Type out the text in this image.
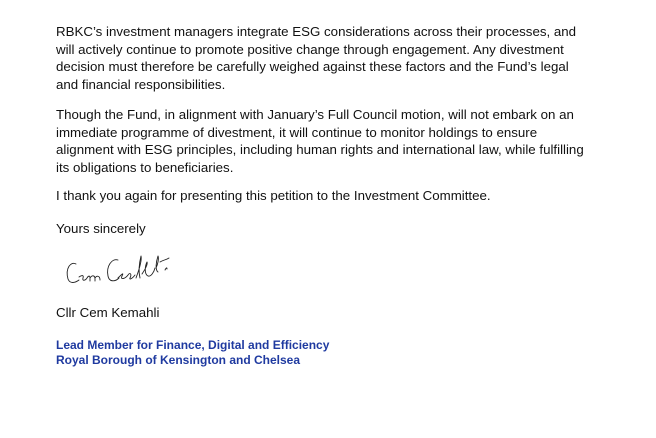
RBKC’s investment managers integrate ESG considerations across their processes, and
will actively continue to promote positive change through engagement. Any divestment
decision must therefore be carefully weighed against these factors and the Fund’s legal
and financial responsibilities.

Though the Fund, in alignment with January’s Full Council motion, will not embark on an
immediate programme of divestment, it will continue to monitor holdings to ensure
alignment with ESG principles, including human rights and international law, while fulfilling
its obligations to beneficiaries.

I thank you again for presenting this petition to the Investment Committee.

Yours sincerely

Cllr Cem Kemahli

Lead Member for Finance, Digital and Efficiency

Royal Borough of Kensington and Chelsea
